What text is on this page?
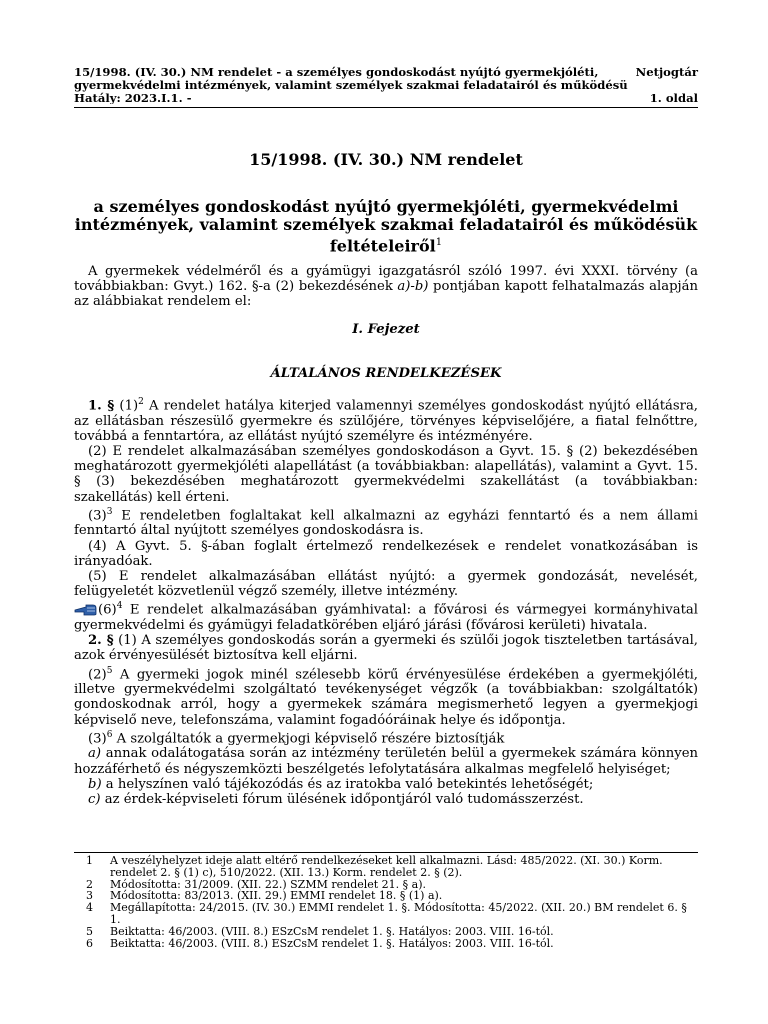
15/1998. (IV. 30.) NM rendelet - a személyes gondoskodást nyújtó gyermekjóléti,	Netjogtár
gyermekvédelmi intézmények, valamint személyek szakmai feladatairól és működésü
Hatály: 2023.I.1. -	1. oldal
15/1998. (IV. 30.) NM rendelet
a személyes gondoskodást nyújtó gyermekjóléti, gyermekvédelmi intézmények, valamint személyek szakmai feladatairól és működésük feltételeiről$^1$
A gyermekek védelméről és a gyámügyi igazgatásról szóló 1997. évi XXXI. törvény (a továbbiakban: Gvyt.) 162. §-a (2) bekezdésének a)-b) pontjában kapott felhatalmazás alapján az alábbiakat rendelem el:
I. Fejezet
ÁLTALÁNOS RENDELKEZÉSEK

1. § $(1)^2$ A rendelet hatálya kiterjed valamennyi személyes gondoskodást nyújtó ellátásra, az ellátásban részesülő gyermekre és szülőjére, törvényes képviselőjére, a fiatal felnőttre, továbbá a fenntartóra, az ellátást nyújtó személyre és intézményére.

(2) E rendelet alkalmazásában személyes gondoskodáson a Gyvt. 15. § (2) bekezdésében meghatározott gyermekjóléti alapellátást (a továbbiakban: alapellátás), valamint a Gyvt. 15. § (3) bekezdésében meghatározott gyermekvédelmi szakellátást (a továbbiakban: szakellátás) kell érteni.

$(3)^3$ E rendeletben foglaltakat kell alkalmazni az egyházi fenntartó és a nem állami fenntartó által nyújtott személyes gondoskodásra is.

(4) A Gyvt. 5. §-ában foglalt értelmező rendelkezések e rendelet vonatkozásában is irányadóak.

(5) E rendelet alkalmazásában ellátást nyújtó: a gyermek gondozását, nevelését, felügyeletét közvetlenül végző személy, illetve intézmény.

$(6)^4$ E rendelet alkalmazásában gyámhivatal: a fővárosi és vármegyei kormányhivatal gyermekvédelmi és gyámügyi feladatkörében eljáró járási (fővárosi kerületi) hivatala.

2. § (1) A személyes gondoskodás során a gyermeki és szülői jogok tiszteletben tartásával, azok érvényesülését biztosítva kell eljárni.

$(2)^5$ A gyermeki jogok minél szélesebb körű érvényesülése érdekében a gyermekjóléti, illetve gyermekvédelmi szolgáltató tevékenységet végzők (a továbbiakban: szolgáltatók) gondoskodnak arról, hogy a gyermekek számára megismerhető legyen a gyermekjogi képviselő neve, telefonszáma, valamint fogadóóráinak helye és időpontja.

$(3)^6$ A szolgáltatók a gyermekjogi képviselő részére biztosítják

a) annak odalátogatása során az intézmény területén belül a gyermekek számára könnyen hozzáférhető és négyszemközti beszélgetés lefolytatására alkalmas megfelelő helyiséget;

b) a helyszínen való tájékozódás és az iratokba való betekintés lehetőségét;

c) az érdek-képviseleti fórum ülésének időpontjáról való tudomásszerzést.

1	A veszélyhelyzet ideje alatt eltérő rendelkezéseket kell alkalmazni. Lásd: 485/2022. (XI. 30.) Korm. rendelet 2. § (1) c), 510/2022. (XII. 13.) Korm. rendelet 2. § (2).
2	Módosította: 31/2009. (XII. 22.) SZMM rendelet 21. § a).
3	Módosította: 83/2013. (XII. 29.) EMMI rendelet 18. § (1) a).
4	Megállapította: 24/2015. (IV. 30.) EMMI rendelet 1. §. Módosította: 45/2022. (XII. 20.) BM rendelet 6. § 1.
5	Beiktatta: 46/2003. (VIII. 8.) ESzCsM rendelet 1. §. Hatályos: 2003. VIII. 16-tól.
6	Beiktatta: 46/2003. (VIII. 8.) ESzCsM rendelet 1. §. Hatályos: 2003. VIII. 16-tól.
